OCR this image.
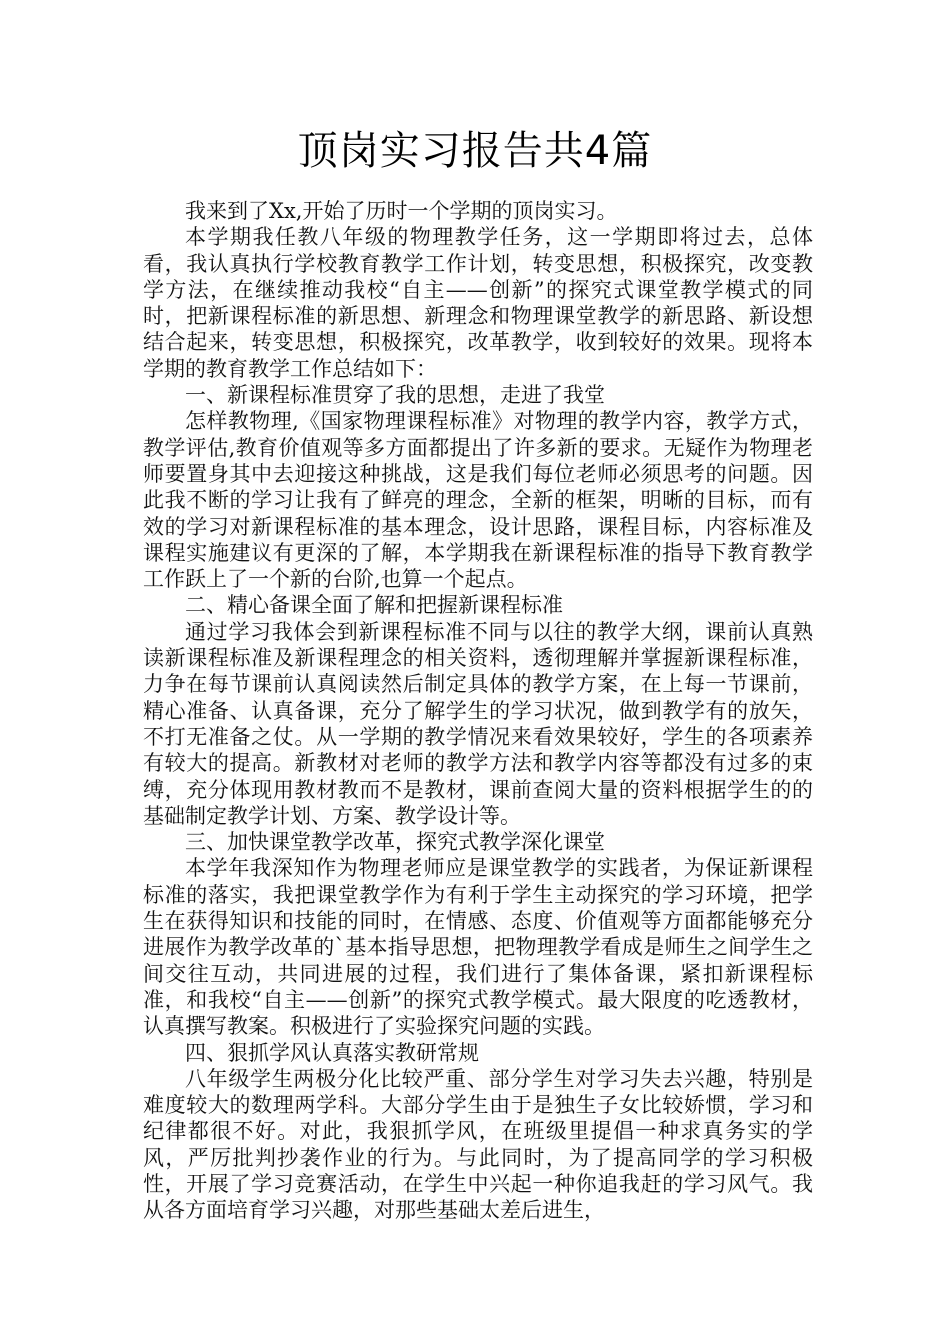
顶岗实习报告共4篇

我来到了Xx,开始了历时一个学期的顶岗实习。

本学期我任教八年级的物理教学任务，这一学期即将过去，总体看，我认真执行学校教育教学工作计划，转变思想，积极探究，改变教学方法，在继续推动我校“自主——创新”的探究式课堂教学模式的同时，把新课程标准的新思想、新理念和物理课堂教学的新思路、新设想结合起来，转变思想，积极探究，改革教学，收到较好的效果。现将本学期的教育教学工作总结如下：

一、新课程标准贯穿了我的思想，走进了我堂

怎样教物理,《国家物理课程标准》对物理的教学内容，教学方式，教学评估,教育价值观等多方面都提出了许多新的要求。无疑作为物理老师要置身其中去迎接这种挑战，这是我们每位老师必须思考的问题。因此我不断的学习让我有了鲜亮的理念，全新的框架，明晰的目标，而有效的学习对新课程标准的基本理念，设计思路，课程目标，内容标准及课程实施建议有更深的了解，本学期我在新课程标准的指导下教育教学工作跃上了一个新的台阶,也算一个起点。

二、精心备课全面了解和把握新课程标准

通过学习我体会到新课程标准不同与以往的教学大纲，课前认真熟读新课程标准及新课程理念的相关资料，透彻理解并掌握新课程标准，力争在每节课前认真阅读然后制定具体的教学方案，在上每一节课前，精心准备、认真备课，充分了解学生的学习状况，做到教学有的放矢，不打无准备之仗。从一学期的教学情况来看效果较好，学生的各项素养有较大的提高。新教材对老师的教学方法和教学内容等都没有过多的束缚，充分体现用教材教而不是教材，课前查阅大量的资料根据学生的的基础制定教学计划、方案、教学设计等。

三、加快课堂教学改革，探究式教学深化课堂

本学年我深知作为物理老师应是课堂教学的实践者，为保证新课程标准的落实，我把课堂教学作为有利于学生主动探究的学习环境，把学生在获得知识和技能的同时，在情感、态度、价值观等方面都能够充分进展作为教学改革的`基本指导思想，把物理教学看成是师生之间学生之间交往互动，共同进展的过程，我们进行了集体备课，紧扣新课程标准，和我校“自主——创新”的探究式教学模式。最大限度的吃透教材，认真撰写教案。积极进行了实验探究问题的实践。

四、狠抓学风认真落实教研常规

八年级学生两极分化比较严重、部分学生对学习失去兴趣，特别是难度较大的数理两学科。大部分学生由于是独生子女比较娇惯，学习和纪律都很不好。对此，我狠抓学风，在班级里提倡一种求真务实的学风，严厉批判抄袭作业的行为。与此同时，为了提高同学的学习积极性，开展了学习竞赛活动，在学生中兴起一种你追我赶的学习风气。我从各方面培育学习兴趣，对那些基础太差后进生，
